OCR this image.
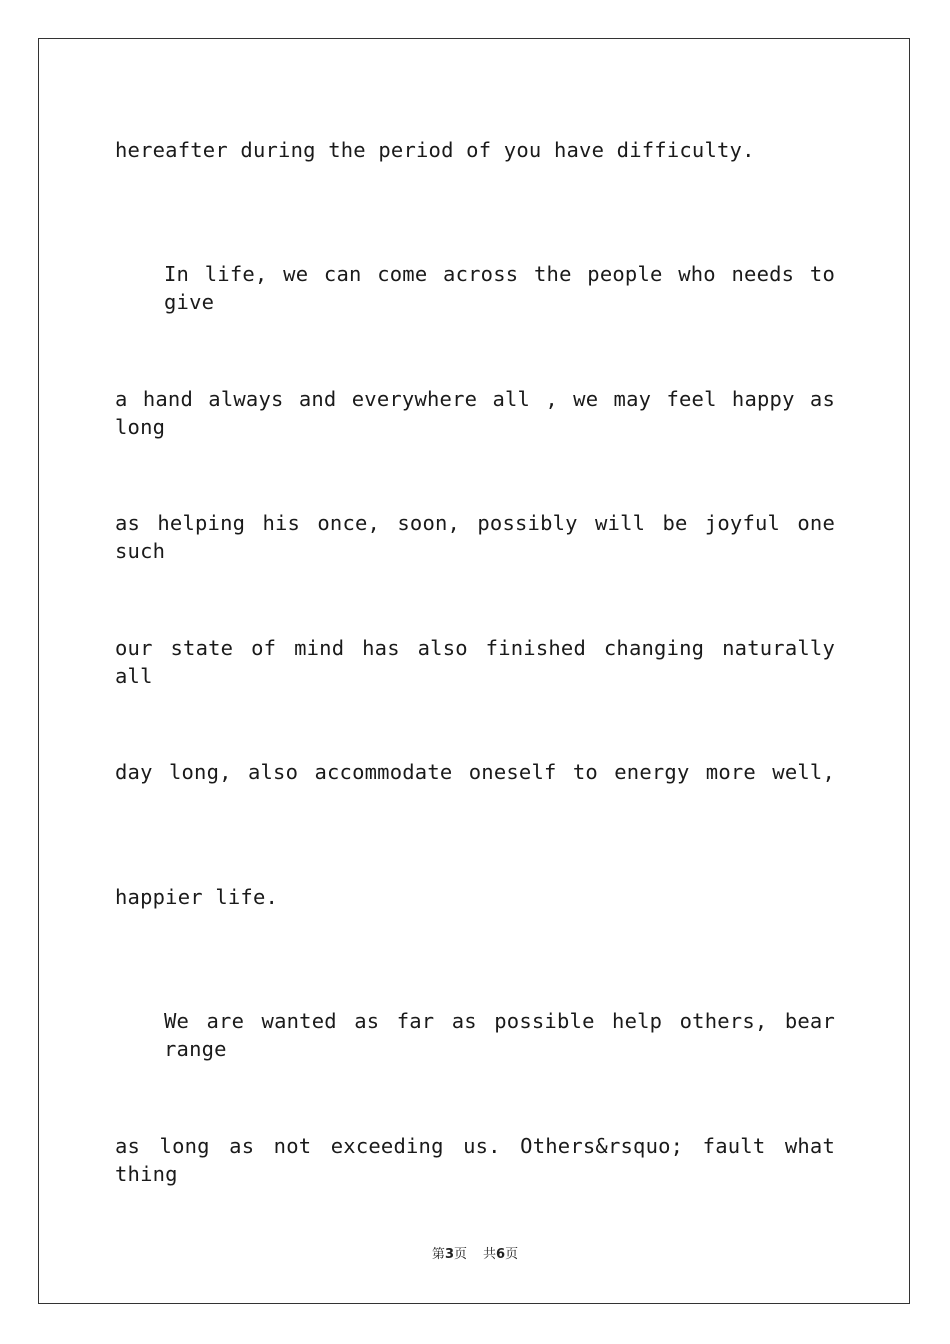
hereafter during the period of you have difficulty.
In life, we can come across the people who needs to give
a hand always and everywhere all , we may feel happy as long
as helping his once, soon, possibly will be joyful one such
our state of mind has also finished changing naturally all
day long, also accommodate oneself to energy more well,
happier life.
We are wanted as far as possible help others, bear range
as long as not exceeding us. Others&rsquo; fault what thing
第3页 共6页
